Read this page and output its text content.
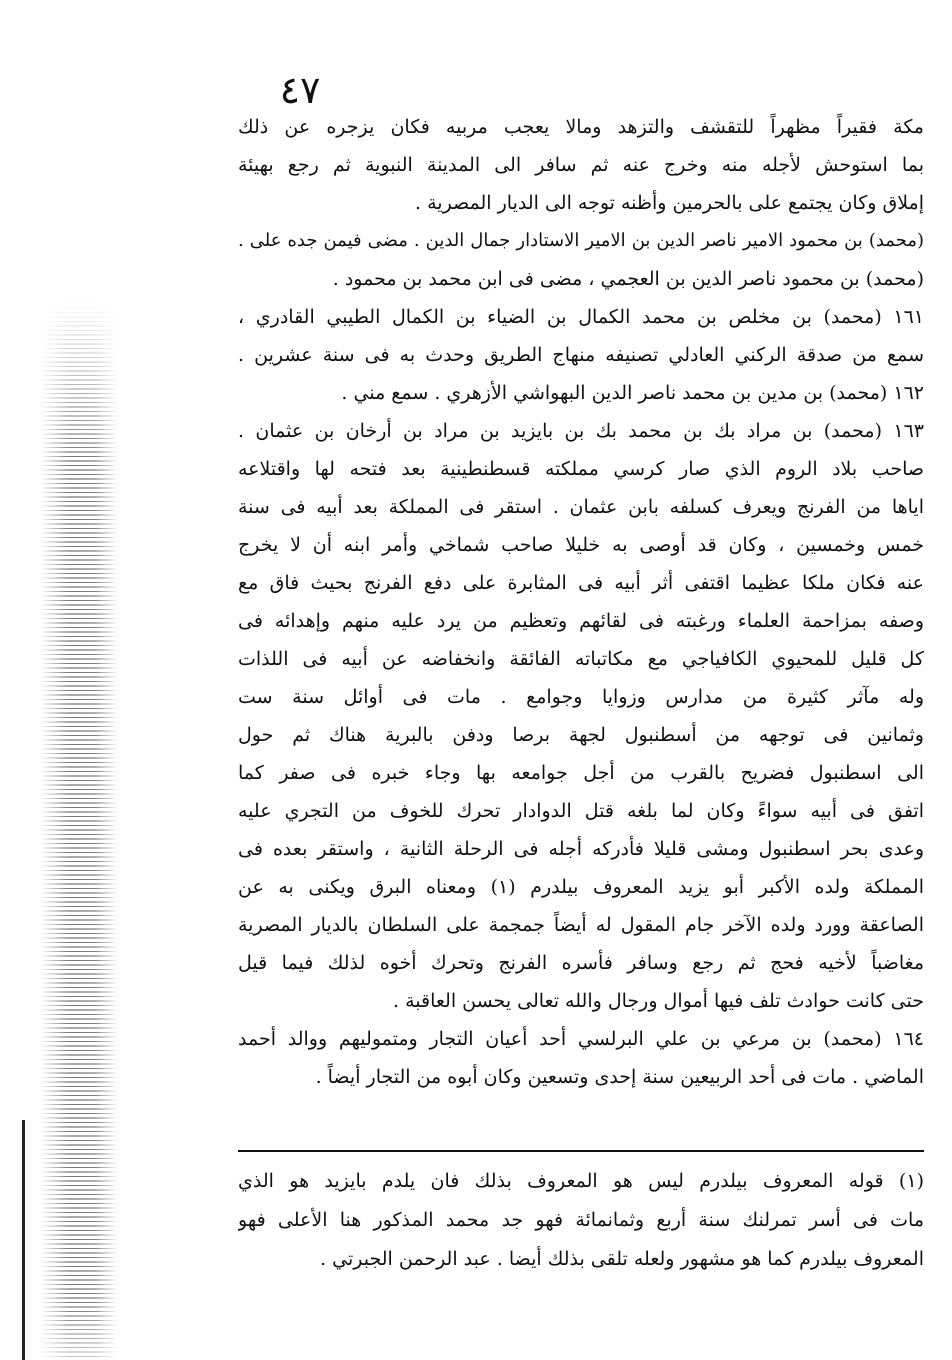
٤٧
مكة فقيراً مظهراً للتقشف والتزهد ومالا يعجب مربيه فكان يزجره عن ذلك
بما استوحش لأجله منه وخرج عنه ثم سافر الى المدينة النبوية ثم رجع بهيئة
إملاق وكان يجتمع على بالحرمين وأظنه توجه الى الديار المصرية .
(محمد) بن محمود الامير ناصر الدين بن الامير الاستادار جمال الدين . مضى فيمن جده على .
(محمد) بن محمود ناصر الدين بن العجمي ، مضى فى ابن محمد بن محمود .
١٦١ (محمد) بن مخلص بن محمد الكمال بن الضياء بن الكمال الطيبي القادري ،
سمع من صدقة الركني العادلي تصنيفه منهاج الطريق وحدث به فى سنة عشرين .
١٦٢ (محمد) بن مدين بن محمد ناصر الدين البهواشي الأزهري . سمع مني .
١٦٣ (محمد) بن مراد بك بن محمد بك بن بايزيد بن مراد بن أرخان بن عثمان .
صاحب بلاد الروم الذي صار كرسي مملكته قسطنطينية بعد فتحه لها واقتلاعه
اياها من الفرنج ويعرف كسلفه بابن عثمان . استقر فى المملكة بعد أبيه فى سنة
خمس وخمسين ، وكان قد أوصى به خليلا صاحب شماخي وأمر ابنه أن لا يخرج
عنه فكان ملكا عظيما اقتفى أثر أبيه فى المثابرة على دفع الفرنج بحيث فاق مع
وصفه بمزاحمة العلماء ورغبته فى لقائهم وتعظيم من يرد عليه منهم وإهدائه فى
كل قليل للمحيوي الكافياجي مع مكاتباته الفائقة وانخفاضه عن أبيه فى اللذات
وله مآثر كثيرة من مدارس وزوايا وجوامع . مات فى أوائل سنة ست
وثمانين فى توجهه من أسطنبول لجهة برصا ودفن بالبرية هناك ثم حول
الى اسطنبول فضريح بالقرب من أجل جوامعه بها وجاء خبره فى صفر كما
اتفق فى أبيه سواءً وكان لما بلغه قتل الدوادار تحرك للخوف من التجري عليه
وعدى بحر اسطنبول ومشى قليلا فأدركه أجله فى الرحلة الثانية ، واستقر بعده فى
المملكة ولده الأكبر أبو يزيد المعروف بيلدرم (١) ومعناه البرق ويكنى به عن
الصاعقة وورد ولده الآخر جام المقول له أيضاً جمجمة على السلطان بالديار المصرية
مغاضباً لأخيه فحج ثم رجع وسافر فأسره الفرنج وتحرك أخوه لذلك فيما قيل
حتى كانت حوادث تلف فيها أموال ورجال والله تعالى يحسن العاقبة .
١٦٤ (محمد) بن مرعي بن علي البرلسي أحد أعيان التجار ومتموليهم ووالد أحمد
الماضي . مات فى أحد الربيعين سنة إحدى وتسعين وكان أبوه من التجار أيضاً .
(١) قوله المعروف بيلدرم ليس هو المعروف بذلك فان يلدم بايزيد هو الذي
مات فى أسر تمرلنك سنة أربع وثمانمائة فهو جد محمد المذكور هنا الأعلى فهو
المعروف بيلدرم كما هو مشهور ولعله تلقى بذلك أيضا . عبد الرحمن الجبرتي .
